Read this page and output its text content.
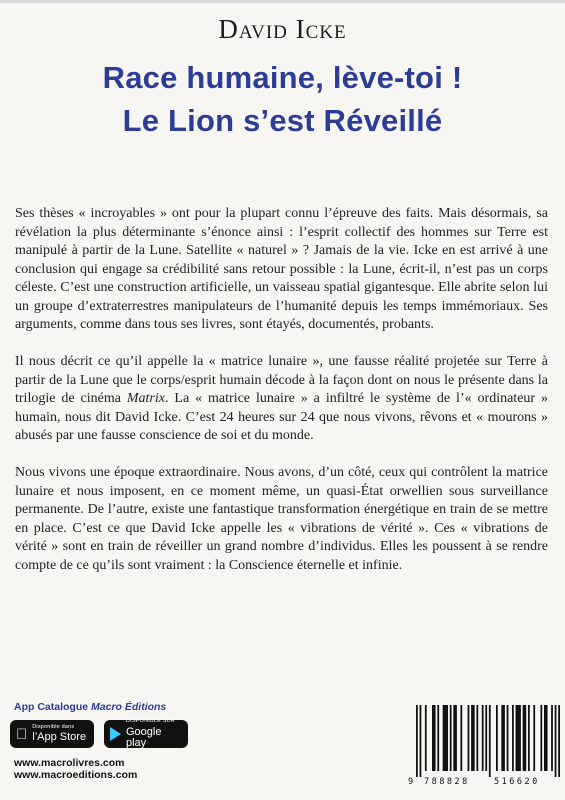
David Icke
Race humaine, lève-toi !
Le Lion s’est Réveillé

Ses thèses « incroyables » ont pour la plupart connu l’épreuve des faits. Mais désormais, sa révélation la plus déterminante s’énonce ainsi : l’esprit collectif des hommes sur Terre est manipulé à partir de la Lune. Satellite « naturel » ? Jamais de la vie. Icke en est arrivé à une conclusion qui engage sa crédibilité sans retour possible : la Lune, écrit-il, n’est pas un corps céleste. C’est une construction artificielle, un vaisseau spatial gigantesque. Elle abrite selon lui un groupe d’extraterrestres manipulateurs de l’humanité depuis les temps immémoriaux. Ses arguments, comme dans tous ses livres, sont étayés, documentés, probants.

Il nous décrit ce qu’il appelle la « matrice lunaire », une fausse réalité projetée sur Terre à partir de la Lune que le corps/esprit humain décode à la façon dont on nous le présente dans la trilogie de cinéma Matrix. La « matrice lunaire » a infiltré le système de l’« ordinateur » humain, nous dit David Icke. C’est 24 heures sur 24 que nous vivons, rêvons et « mourons » abusés par une fausse conscience de soi et du monde.

Nous vivons une époque extraordinaire. Nous avons, d’un côté, ceux qui contrôlent la matrice lunaire et nous imposent, en ce moment même, un quasi-État orwellien sous surveillance permanente. De l’autre, existe une fantastique transformation énergétique en train de se mettre en place. C’est ce que David Icke appelle les « vibrations de vérité ». Ces « vibrations de vérité » sont en train de réveiller un grand nombre d’individus. Elles les poussent à se rendre compte de ce qu’ils sont vraiment : la Conscience éternelle et infinie.

App Catalogue Macro Éditions
Disponible dans
l’App Store
DISPONIBLE SUR
Google play
www.macrolivres.com
www.macroeditions.com
9 788828	516620
